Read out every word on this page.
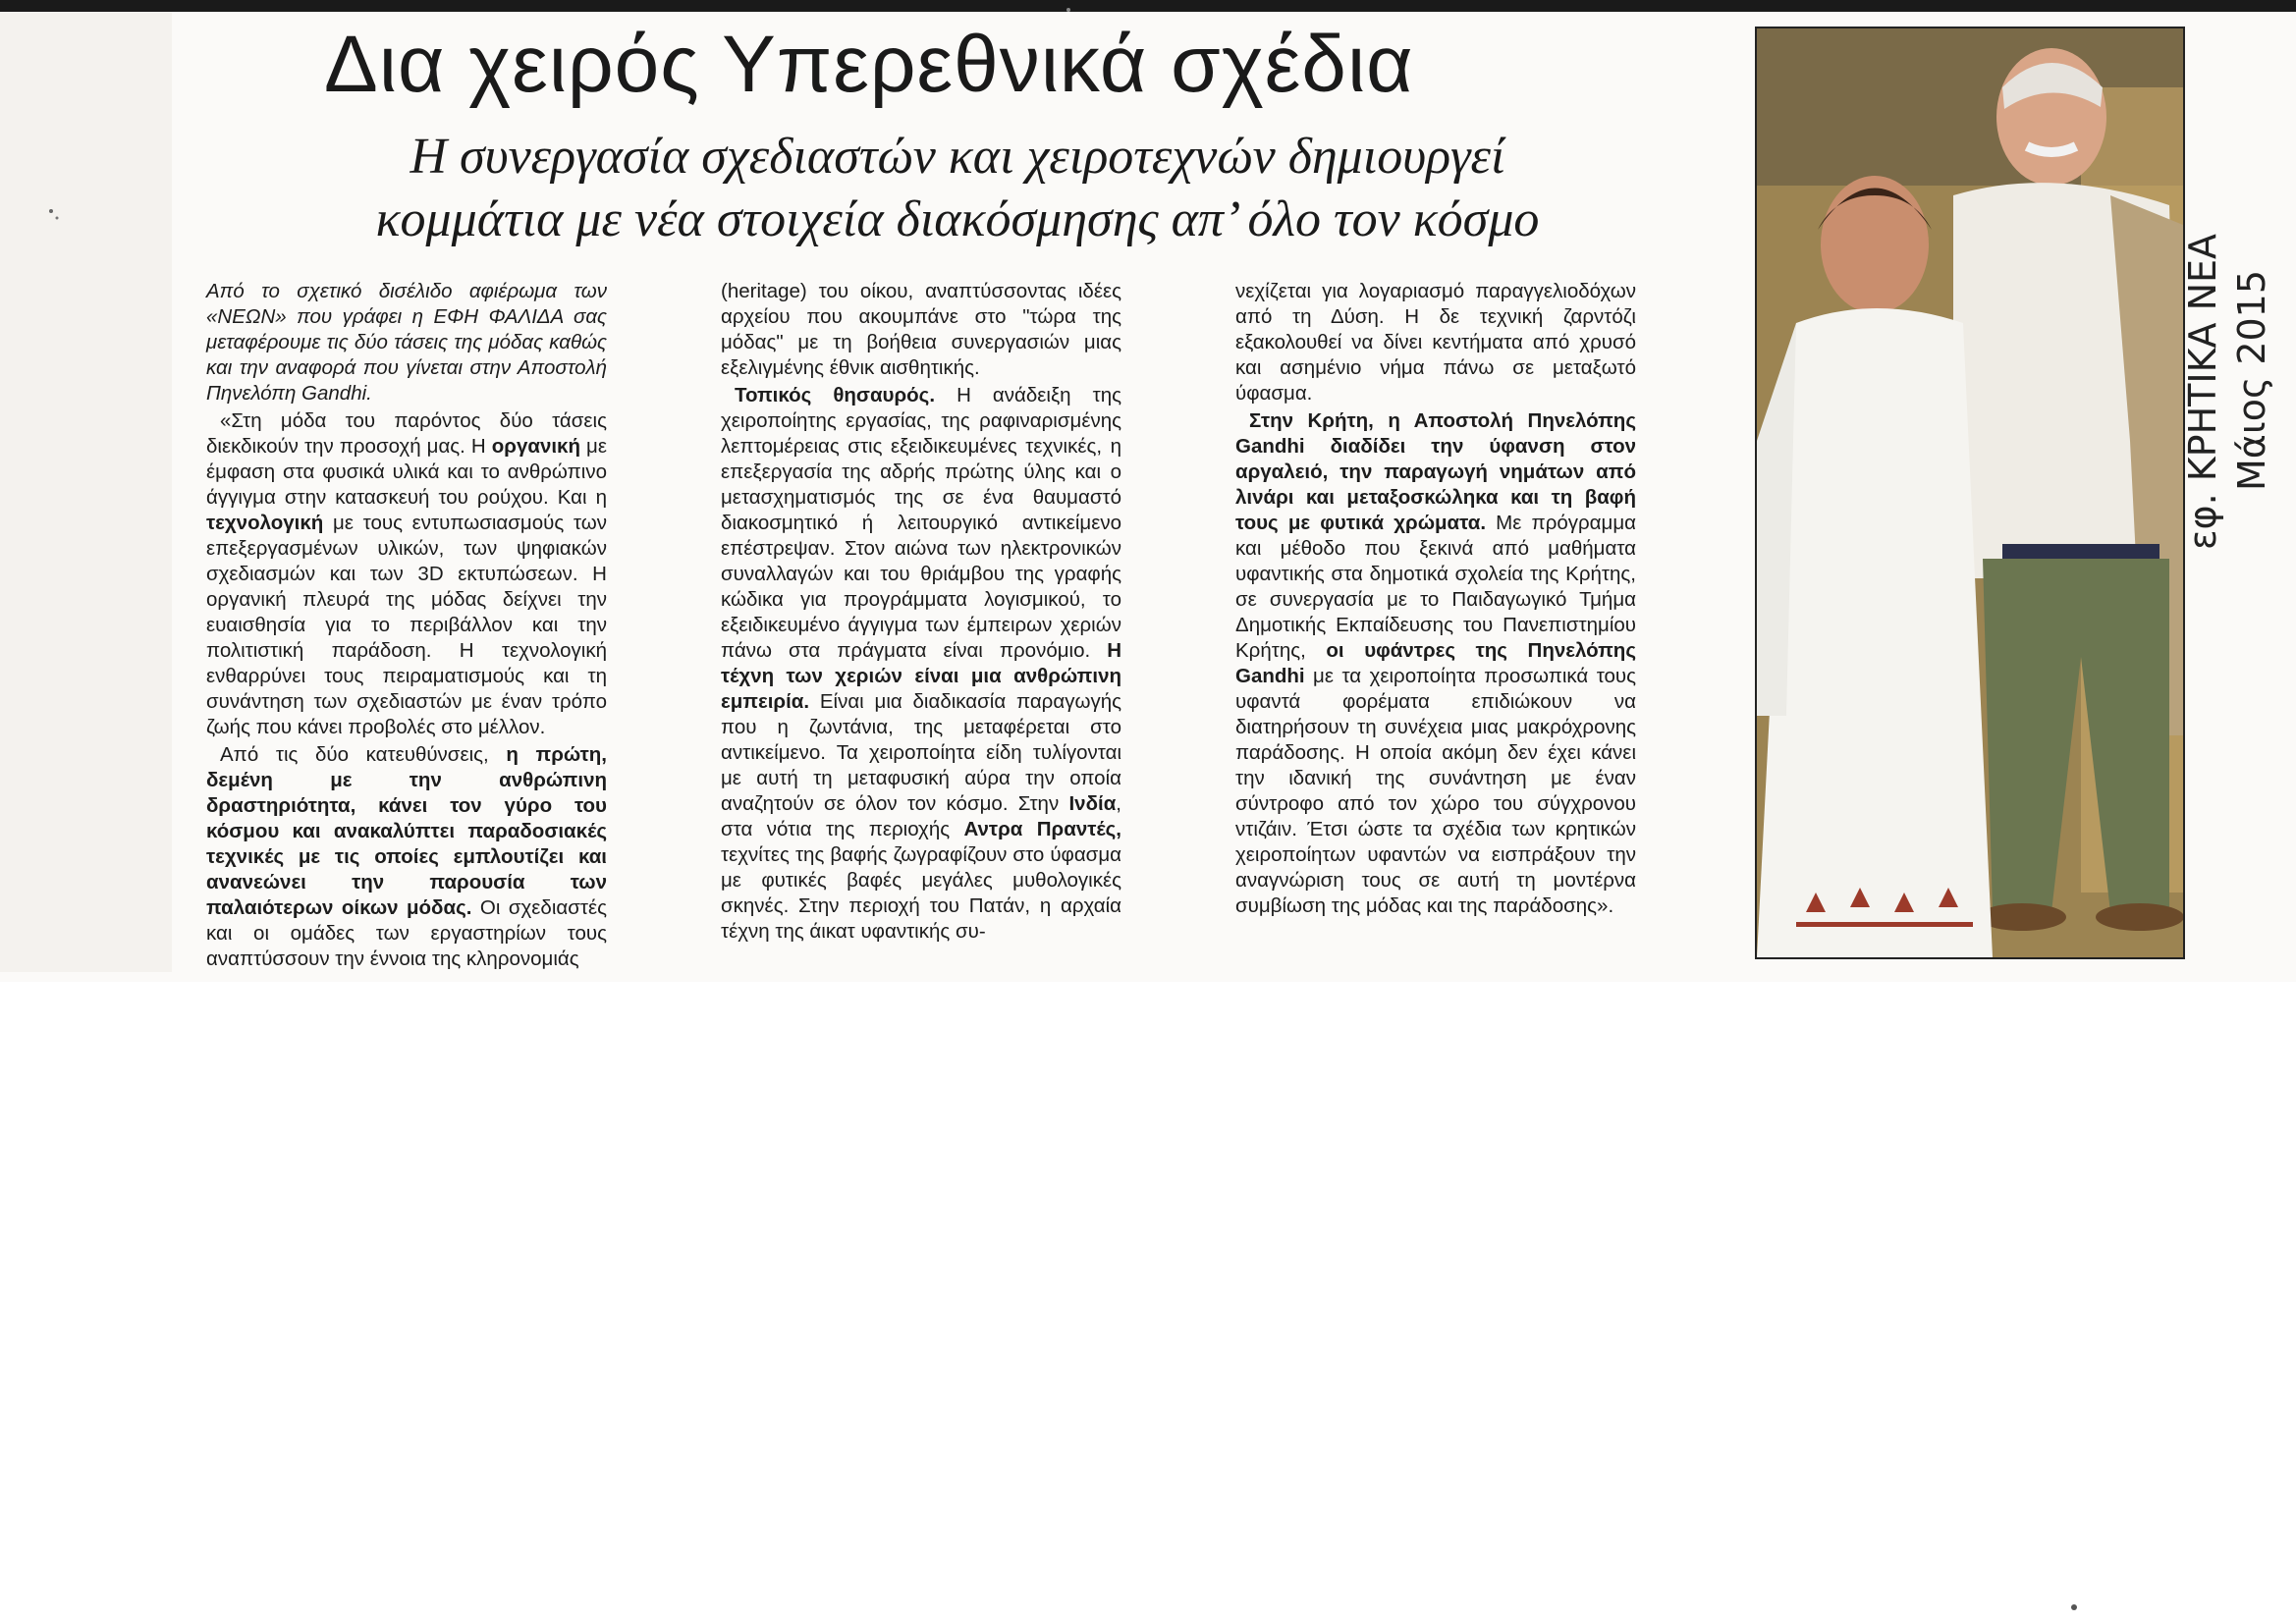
Δια χειρός Υπερεθνικά σχέδια
Η συνεργασία σχεδιαστών και χειροτεχνών δημιουργεί
κομμάτια με νέα στοιχεία διακόσμησης απ’ όλο τον κόσμο

Από το σχετικό δισέλιδο αφιέρωμα των «ΝΕΩΝ» που γράφει η ΕΦΗ ΦΑΛΙΔΑ σας μεταφέρουμε τις δύο τάσεις της μόδας καθώς και την αναφορά που γίνεται στην Αποστολή Πηνελόπη Gandhi.

«Στη μόδα του παρόντος δύο τάσεις διεκδικούν την προσοχή μας. Η οργανική με έμφαση στα φυσικά υλικά και το ανθρώπινο άγγιγμα στην κατασκευή του ρούχου. Και η τεχνολογική με τους εντυπωσιασμούς των επεξεργασμένων υλικών, των ψηφιακών σχεδιασμών και των 3D εκτυπώσεων. Η οργανική πλευρά της μόδας δείχνει την ευαισθησία για το περιβάλλον και την πολιτιστική παράδοση. Η τεχνολογική ενθαρρύνει τους πειραματισμούς και τη συνάντηση των σχεδιαστών με έναν τρόπο ζωής που κάνει προβολές στο μέλλον.

Από τις δύο κατευθύνσεις, η πρώτη, δεμένη με την ανθρώπινη δραστηριότητα, κάνει τον γύρο του κόσμου και ανακαλύπτει παραδοσιακές τεχνικές με τις οποίες εμπλουτίζει και ανανεώνει την παρουσία των παλαιότερων οίκων μόδας. Οι σχεδιαστές και οι ομάδες των εργαστηρίων τους αναπτύσσουν την έννοια της κληρονομιάς

(heritage) του οίκου, αναπτύσσοντας ιδέες αρχείου που ακουμπάνε στο "τώρα της μόδας" με τη βοήθεια συνεργασιών μιας εξελιγμένης έθνικ αισθητικής.

Τοπικός θησαυρός. Η ανάδειξη της χειροποίητης εργασίας, της ραφιναρισμένης λεπτομέρειας στις εξειδικευμένες τεχνικές, η επεξεργασία της αδρής πρώτης ύλης και ο μετασχηματισμός της σε ένα θαυμαστό διακοσμητικό ή λειτουργικό αντικείμενο επέστρεψαν. Στον αιώνα των ηλεκτρονικών συναλλαγών και του θριάμβου της γραφής κώδικα για προγράμματα λογισμικού, το εξειδικευμένο άγγιγμα των έμπειρων χεριών πάνω στα πράγματα είναι προνόμιο. Η τέχνη των χεριών είναι μια ανθρώπινη εμπειρία. Είναι μια διαδικασία παραγωγής που η ζωντάνια, της μεταφέρεται στο αντικείμενο. Τα χειροποίητα είδη τυλίγονται με αυτή τη μεταφυσική αύρα την οποία αναζητούν σε όλον τον κόσμο. Στην Ινδία, στα νότια της περιοχής Αντρα Πραντές, τεχνίτες της βαφής ζωγραφίζουν στο ύφασμα με φυτικές βαφές μεγάλες μυθολογικές σκηνές. Στην περιοχή του Πατάν, η αρχαία τέχνη της άικατ υφαντικής συ-

νεχίζεται για λογαριασμό παραγγελιοδόχων από τη Δύση. Η δε τεχνική ζαρντόζι εξακολουθεί να δίνει κεντήματα από χρυσό και ασημένιο νήμα πάνω σε μεταξωτό ύφασμα.

Στην Κρήτη, η Αποστολή Πηνελόπης Gandhi διαδίδει την ύφανση στον αργαλειό, την παραγωγή νημάτων από λινάρι και μεταξοσκώληκα και τη βαφή τους με φυτικά χρώματα. Με πρόγραμμα και μέθοδο που ξεκινά από μαθήματα υφαντικής στα δημοτικά σχολεία της Κρήτης, σε συνεργασία με το Παιδαγωγικό Τμήμα Δημοτικής Εκπαίδευσης του Πανεπιστημίου Κρήτης, οι υφάντρες της Πηνελόπης Gandhi με τα χειροποίητα προσωπικά τους υφαντά φορέματα επιδιώκουν να διατηρήσουν τη συνέχεια μιας μακρόχρονης παράδοσης. Η οποία ακόμη δεν έχει κάνει την ιδανική της συνάντηση με έναν σύντροφο από τον χώρο του σύγχρονου ντιζάιν. Έτσι ώστε τα σχέδια των κρητικών χειροποίητων υφαντών να εισπράξουν την αναγνώριση τους σε αυτή τη μοντέρνα συμβίωση της μόδας και της παράδοσης».

εφ. ΚΡΗΤΙΚΑ ΝΕΑ Μάιος 2015
